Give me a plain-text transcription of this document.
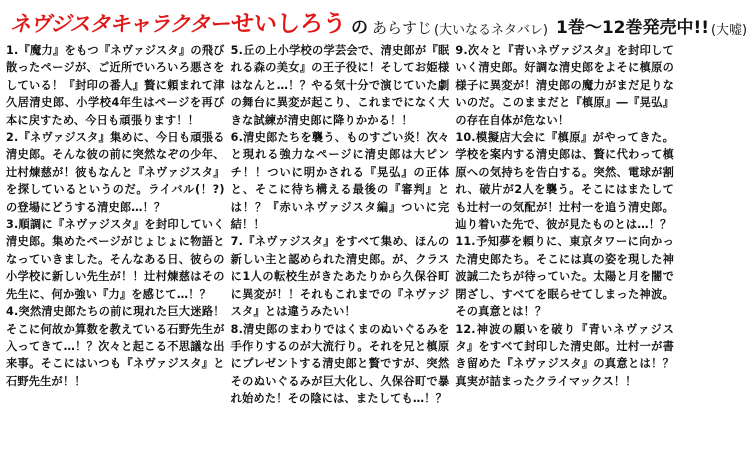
ネヴジスタキャラクター せいしろう の あらすじ (大いなるネタバレ) 1巻～12巻発売中!! (大嘘)

1.『魔力』をもつ『ネヴァジスタ』の飛び散ったページが、ご近所でいろいろ悪さをしている！『封印の番人』贅に頼まれて津久居清史郎、小学校4年生はページを再び本に戻すため、今日も頑張ります！！

2.『ネヴァジスタ』集めに、今日も頑張る清史郎。そんな彼の前に突然なぞの少年、辻村煉慈が！彼もなんと『ネヴァジスタ』を探しているというのだ。ライバル(！?)の登場にどうする清史郎…！？

3.順調に『ネヴァジスタ』を封印していく清史郎。集めたページがじょじょに物語となっていきました。そんなある日、彼らの小学校に新しい先生が！！辻村煉慈はその先生に、何か強い『力』を感じて…！？

4.突然清史郎たちの前に現れた巨大迷路！そこに何故か算数を教えている石野先生が入ってきて…！？次々と起こる不思議な出来事。そこにはいつも『ネヴァジスタ』と石野先生が！！

5.丘の上小学校の学芸会で、清史郎が『眠れる森の美女』の王子役に！そしてお姫様はなんと…！？やる気十分で演じていた劇の舞台に異変が起こり、これまでになく大きな試練が清史郎に降りかかる！！

6.清史郎たちを襲う、ものすごい炎！次々と現れる強力なページに清史郎は大ピンチ！！ついに明かされる『晃弘』の正体と、そこに待ち構える最後の『審判』とは！？『赤いネヴァジスタ編』ついに完結！！

7.『ネヴァジスタ』をすべて集め、ほんの新しい主と認められた清史郎。が、クラスに1人の転校生がきたあたりから久保谷町に異変が！！それもこれまでの『ネヴァジスタ』とは違うみたい！

8.清史郎のまわりではくまのぬいぐるみを手作りするのが大流行り。それを兄と槙原にプレゼントする清史郎と贅ですが、突然そのぬいぐるみが巨大化し、久保谷町で暴れ始めた！その陰には、またしても…！？

9.次々と『青いネヴァジスタ』を封印していく清史郎。好調な清史郎をよそに槙原の様子に異変が！清史郎の魔力がまだ足りないのだ。このままだと『槙原』―『晃弘』の存在自体が危ない！

10.模擬店大会に『槙原』がやってきた。学校を案内する清史郎は、贅に代わって槙原への気持ちを告白する。突然、電球が割れ、破片が2人を襲う。そこにはまたしても辻村一の気配が！辻村一を追う清史郎。辿り着いた先で、彼が見たものとは…！？

11.予知夢を頼りに、東京タワーに向かった清史郎たち。そこには真の姿を現した神波誠二たちが待っていた。太陽と月を闇で閉ざし、すべてを眠らせてしまった神波。その真意とは！？

12.神波の願いを破り『青いネヴァジスタ』をすべて封印した清史郎。辻村一が書き留めた『ネヴァジスタ』の真意とは！？真実が詰まったクライマックス！！
